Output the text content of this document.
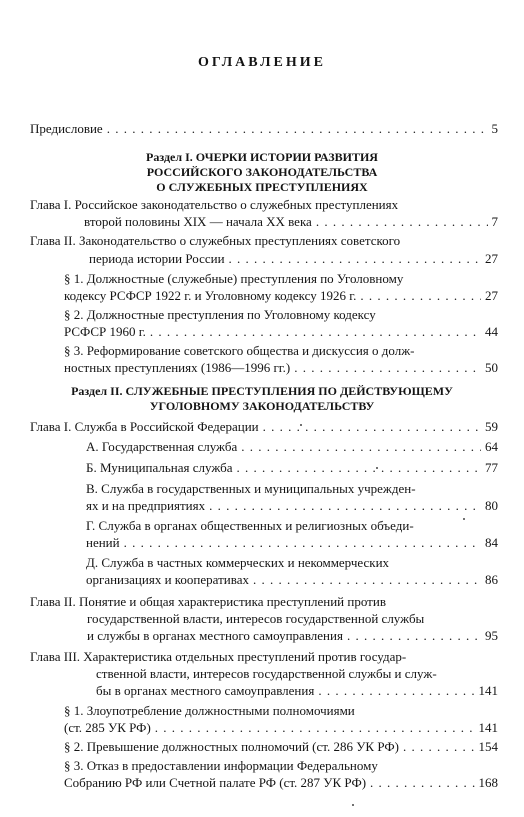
ОГЛАВЛЕНИЕ
Предисловие . . .	5
Раздел I. ОЧЕРКИ ИСТОРИИ РАЗВИТИЯ
РОССИЙСКОГО ЗАКОНОДАТЕЛЬСТВА
О СЛУЖЕБНЫХ ПРЕСТУПЛЕНИЯХ
Глава I. Российское законодательство о служебных преступлениях
второй половины XIX — начала XX века . . .	7
Глава II. Законодательство о служебных преступлениях советского
периода истории России . . .	27
§ 1. Должностные (служебные) преступления по Уголовному
кодексу РСФСР 1922 г. и Уголовному кодексу 1926 г. . . .	27
§ 2. Должностные преступления по Уголовному кодексу
РСФСР 1960 г. . . .	44
§ 3. Реформирование советского общества и дискуссия о долж-
ностных преступлениях (1986—1996 гг.) . . .	50
Раздел II. СЛУЖЕБНЫЕ ПРЕСТУПЛЕНИЯ ПО ДЕЙСТВУЮЩЕМУ
УГОЛОВНОМУ ЗАКОНОДАТЕЛЬСТВУ
Глава I. Служба в Российской Федерации . . .	59
А. Государственная служба . . .	64
Б. Муниципальная служба . . .	77
В. Служба в государственных и муниципальных учрежден-
ях и на предприятиях . . .	80
Г. Служба в органах общественных и религиозных объеди-
нений . . .	84
Д. Служба в частных коммерческих и некоммерческих
организациях и кооперативах . . .	86
Глава II. Понятие и общая характеристика преступлений против
государственной власти, интересов государственной службы
и службы в органах местного самоуправления . . .	95
Глава III. Характеристика отдельных преступлений против государ-
ственной власти, интересов государственной службы и служ-
бы в органах местного самоуправления . . .	141
§ 1. Злоупотребление должностными полномочиями
(ст. 285 УК РФ) . . .	141
§ 2. Превышение должностных полномочий (ст. 286 УК РФ) . . .	154
§ 3. Отказ в предоставлении информации Федеральному
Собранию РФ или Счетной палате РФ (ст. 287 УК РФ) . . .	168
